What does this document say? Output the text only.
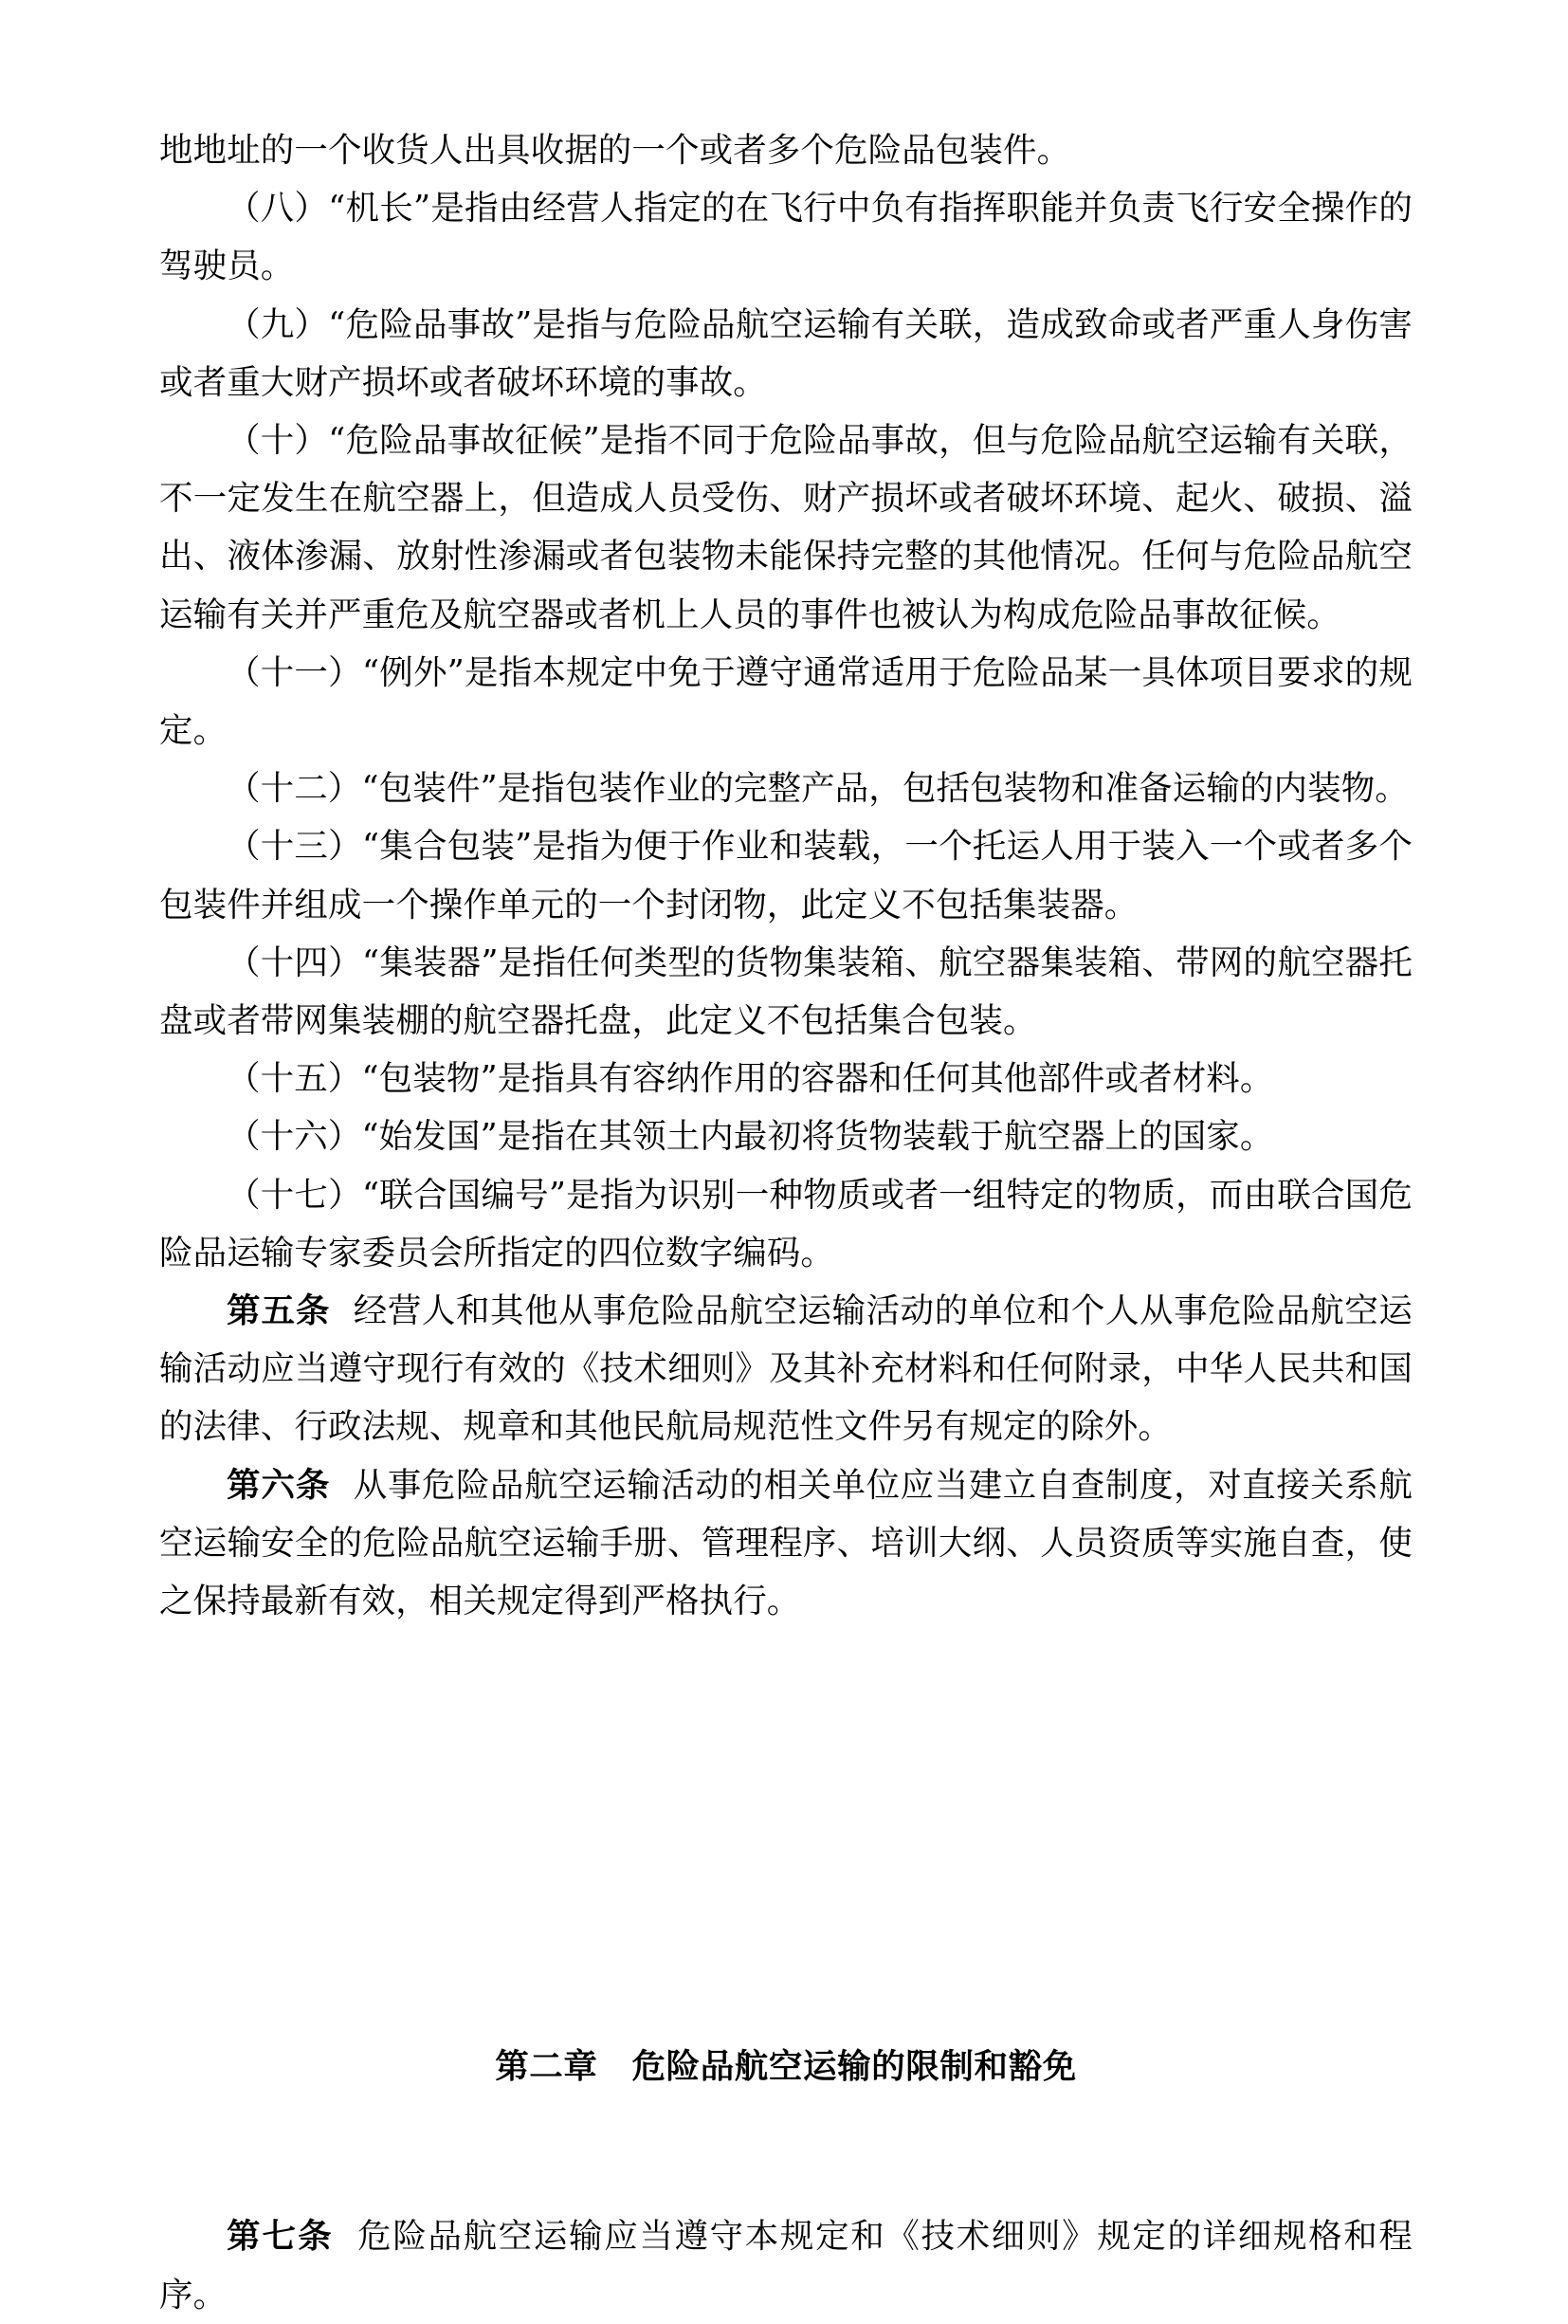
地地址的一个收货人出具收据的一个或者多个危险品包装件。

（八）“机长”是指由经营人指定的在飞行中负有指挥职能并负责飞行安全操作的驾驶员。

（九）“危险品事故”是指与危险品航空运输有关联，造成致命或者严重人身伤害或者重大财产损坏或者破坏环境的事故。

（十）“危险品事故征候”是指不同于危险品事故，但与危险品航空运输有关联，不一定发生在航空器上，但造成人员受伤、财产损坏或者破坏环境、起火、破损、溢出、液体渗漏、放射性渗漏或者包装物未能保持完整的其他情况。任何与危险品航空运输有关并严重危及航空器或者机上人员的事件也被认为构成危险品事故征候。

（十一）“例外”是指本规定中免于遵守通常适用于危险品某一具体项目要求的规定。

（十二）“包装件”是指包装作业的完整产品，包括包装物和准备运输的内装物。

（十三）“集合包装”是指为便于作业和装载，一个托运人用于装入一个或者多个包装件并组成一个操作单元的一个封闭物，此定义不包括集装器。

（十四）“集装器”是指任何类型的货物集装箱、航空器集装箱、带网的航空器托盘或者带网集装棚的航空器托盘，此定义不包括集合包装。

（十五）“包装物”是指具有容纳作用的容器和任何其他部件或者材料。

（十六）“始发国”是指在其领土内最初将货物装载于航空器上的国家。

（十七）“联合国编号”是指为识别一种物质或者一组特定的物质，而由联合国危险品运输专家委员会所指定的四位数字编码。

第五条 经营人和其他从事危险品航空运输活动的单位和个人从事危险品航空运输活动应当遵守现行有效的《技术细则》及其补充材料和任何附录，中华人民共和国的法律、行政法规、规章和其他民航局规范性文件另有规定的除外。

第六条 从事危险品航空运输活动的相关单位应当建立自查制度，对直接关系航空运输安全的危险品航空运输手册、管理程序、培训大纲、人员资质等实施自查，使之保持最新有效，相关规定得到严格执行。

第二章 危险品航空运输的限制和豁免

第七条 危险品航空运输应当遵守本规定和《技术细则》规定的详细规格和程序。
